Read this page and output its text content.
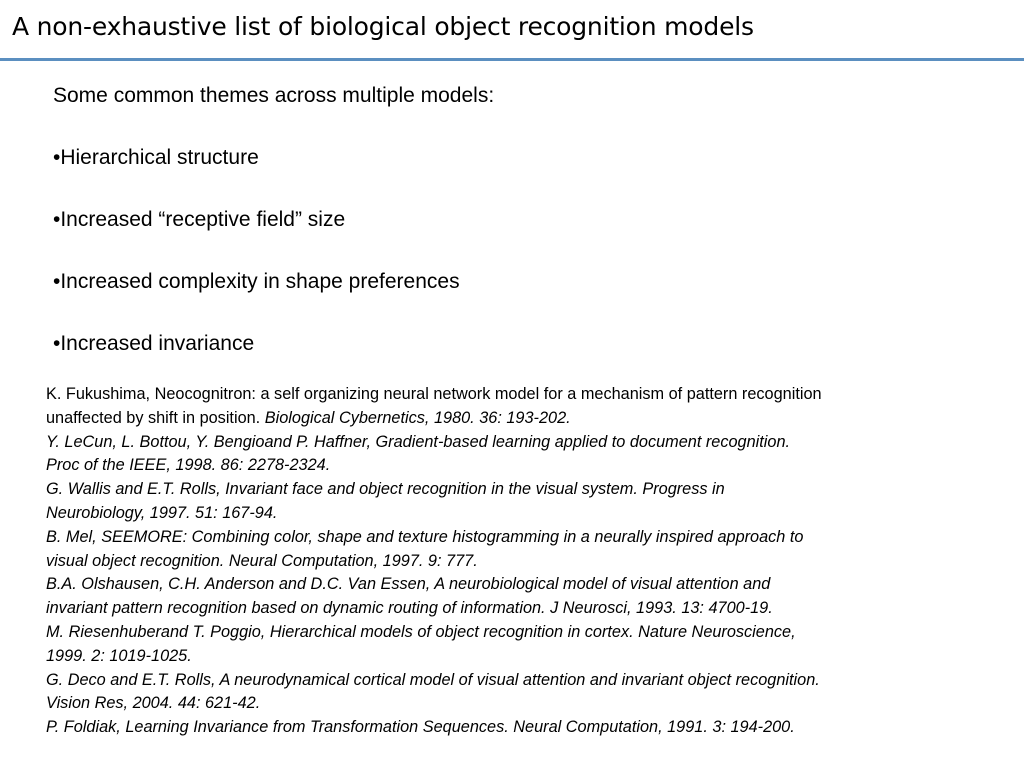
A non-exhaustive list of biological object recognition models
Some common themes across multiple models:
•Hierarchical structure
•Increased “receptive field” size
•Increased complexity in shape preferences
•Increased invariance
K. Fukushima, Neocognitron: a self organizing neural network model for a mechanism of pattern recognition
unaffected by shift in position. Biological Cybernetics, 1980. 36: 193-202.
Y. LeCun, L. Bottou, Y. Bengioand P. Haffner, Gradient-based learning applied to document recognition.
Proc of the IEEE, 1998. 86: 2278-2324.
G. Wallis and E.T. Rolls, Invariant face and object recognition in the visual system. Progress in
Neurobiology, 1997. 51: 167-94.
B. Mel, SEEMORE: Combining color, shape and texture histogramming in a neurally inspired approach to
visual object recognition. Neural Computation, 1997. 9: 777.
B.A. Olshausen, C.H. Anderson and D.C. Van Essen, A neurobiological model of visual attention and
invariant pattern recognition based on dynamic routing of information. J Neurosci, 1993. 13: 4700-19.
M. Riesenhuberand T. Poggio, Hierarchical models of object recognition in cortex. Nature Neuroscience,
1999. 2: 1019-1025.
G. Deco and E.T. Rolls, A neurodynamical cortical model of visual attention and invariant object recognition.
Vision Res, 2004. 44: 621-42.
P. Foldiak, Learning Invariance from Transformation Sequences. Neural Computation, 1991. 3: 194-200.
